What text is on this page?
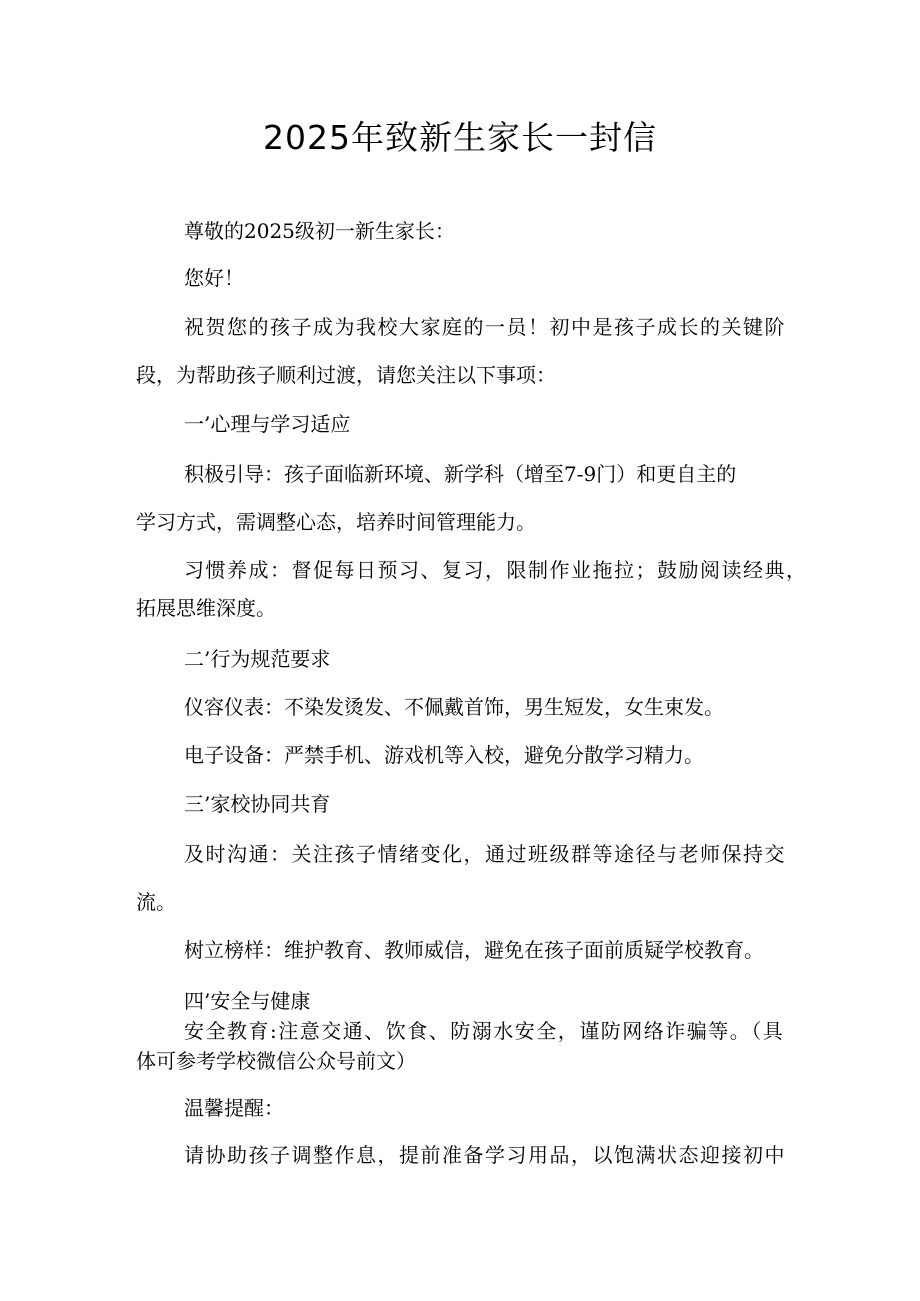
2025年致新生家长一封信

尊敬的2025级初一新生家长：

您好！

祝贺您的孩子成为我校大家庭的一员！初中是孩子成长的关键阶

段，为帮助孩子顺利过渡，请您关注以下事项：

一’心理与学习适应

积极引导：孩子面临新环境、新学科（增至7-9门）和更自主的

学习方式，需调整心态，培养时间管理能力。

习惯养成：督促每日预习、复习，限制作业拖拉；鼓励阅读经典，

拓展思维深度。

二’行为规范要求

仪容仪表：不染发烫发、不佩戴首饰，男生短发，女生束发。

电子设备：严禁手机、游戏机等入校，避免分散学习精力。

三’家校协同共育

及时沟通：关注孩子情绪变化，通过班级群等途径与老师保持交

流。

树立榜样：维护教育、教师威信，避免在孩子面前质疑学校教育。

四’安全与健康

安全教育:注意交通、饮食、防溺水安全，谨防网络诈骗等。（具

体可参考学校微信公众号前文）

温馨提醒：

请协助孩子调整作息，提前准备学习用品，以饱满状态迎接初中
